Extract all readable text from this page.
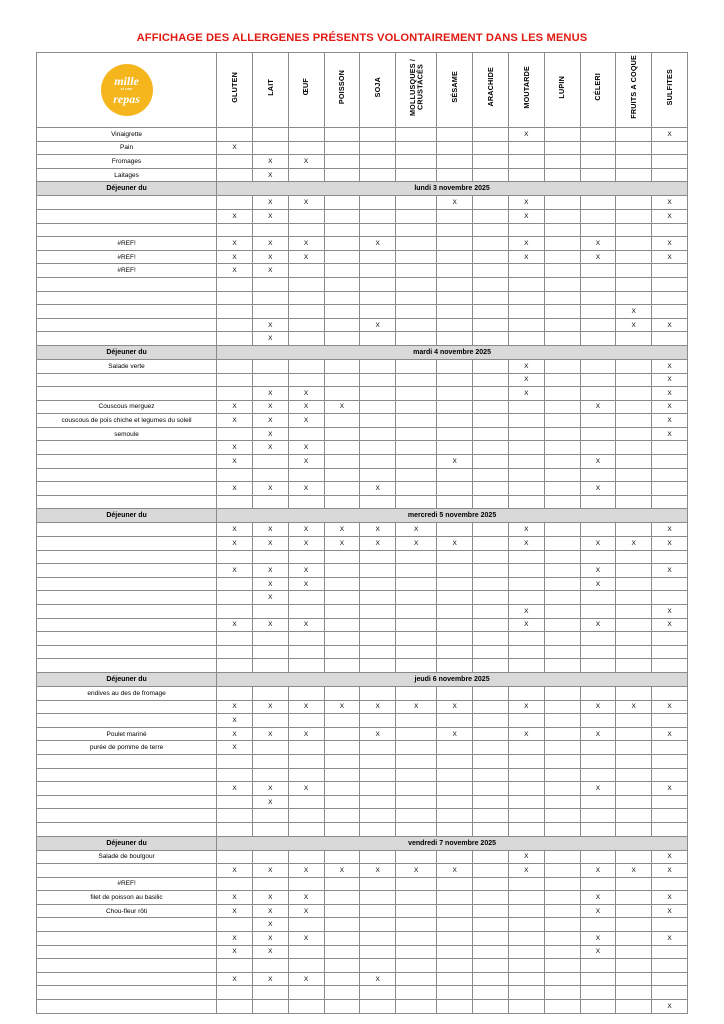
AFFICHAGE DES ALLERGENES PRÉSENTS VOLONTAIREMENT DANS LES MENUS
mille
et une
repas	GLUTEN	LAIT	ŒUF	POISSON	SOJA	MOLLUSQUES / CRUSTACÉS	SÉSAME	ARACHIDE	MOUTARDE	LUPIN	CÉLERI	FRUITS A COQUE	SULFITES
Vinaigrette									X				X
Pain	X												
Fromages		X	X										
Laitages		X											
Déjeuner du	lundi 3 novembre 2025												
		X	X				X		X				X
	X	X							X				X

#REF!	X	X	X		X				X		X		X
#REF!	X	X	X						X		X		X
#REF!	X	X											

												X	
		X			X							X	X
		X											
Déjeuner du	mardi 4 novembre 2025												
Salade verte									X				X
									X				X
		X	X						X				X
Couscous merguez	X	X	X	X							X		X
couscous de pois chiche et legumes du soleil	X	X	X										X
semoule		X											X
	X	X	X										
	X		X				X				X		

	X	X	X		X						X		

Déjeuner du	mercredi 5 novembre 2025												
	X	X	X	X	X	X			X				X
	X	X	X	X	X	X	X		X		X	X	X

	X	X	X								X		X
		X	X								X		
		X											
									X				X
	X	X	X						X		X		X

Déjeuner du	jeudi 6 novembre 2025												
endives au des de fromage													
	X	X	X	X	X	X	X		X		X	X	X
	X												
Poulet mariné	X	X	X		X		X		X		X		X
purée de pomme de terre	X												

	X	X	X								X		X
		X											

Déjeuner du	vendredi 7 novembre 2025												
Salade de boulgour									X				X
	X	X	X	X	X	X	X		X		X	X	X
#REF!													
filet de poisson au basilic	X	X	X								X		X
Chou-fleur rôti	X	X	X								X		X
		X											
	X	X	X								X		X
	X	X									X		

	X	X	X		X								

													X
